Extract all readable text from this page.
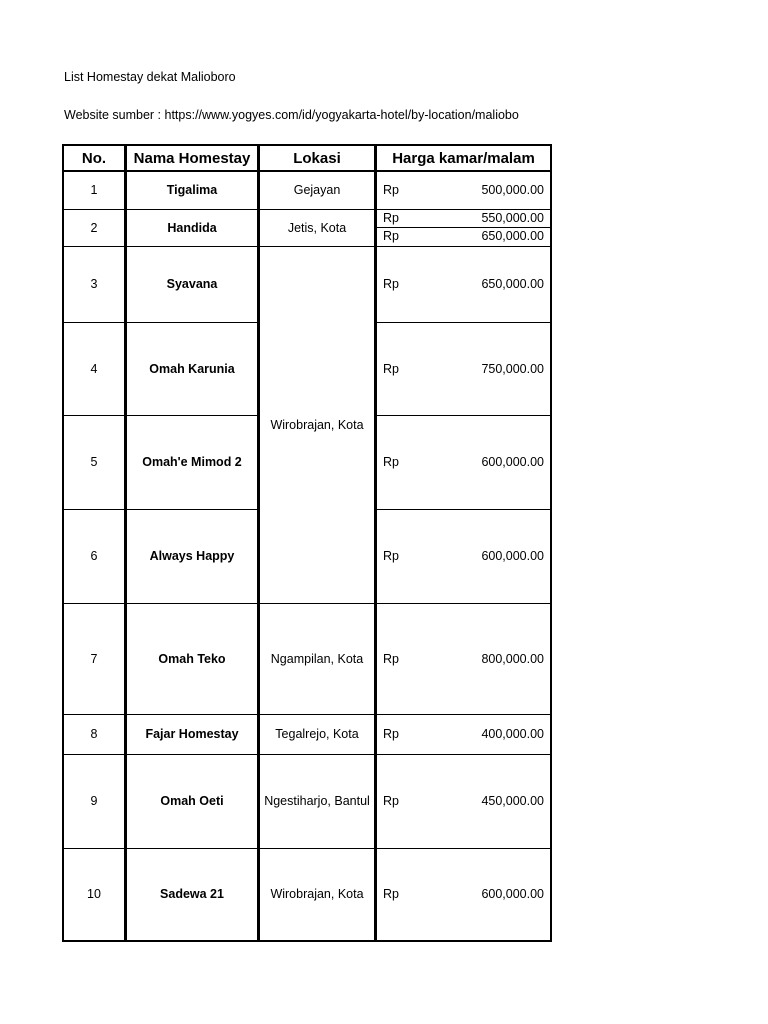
List Homestay dekat Malioboro
Website sumber : https://www.yogyes.com/id/yogyakarta-hotel/by-location/maliobo
No.	Nama Homestay	Lokasi	Harga kamar/malam
1	Tigalima	Gejayan	Rp 500,000.00

2	Handida	Jetis, Kota	Rp 550,000.00
Rp 650,000.00

3	Syavana	Wirobrajan, Kota	Rp 650,000.00

4	Omah Karunia		Rp 750,000.00

5	Omah'e Mimod 2		Rp 600,000.00

6	Always Happy		Rp 600,000.00

7	Omah Teko	Ngampilan, Kota	Rp 800,000.00

8	Fajar Homestay	Tegalrejo, Kota	Rp 400,000.00

9	Omah Oeti	Ngestiharjo, Bantul	Rp 450,000.00

10	Sadewa 21	Wirobrajan, Kota	Rp 600,000.00
